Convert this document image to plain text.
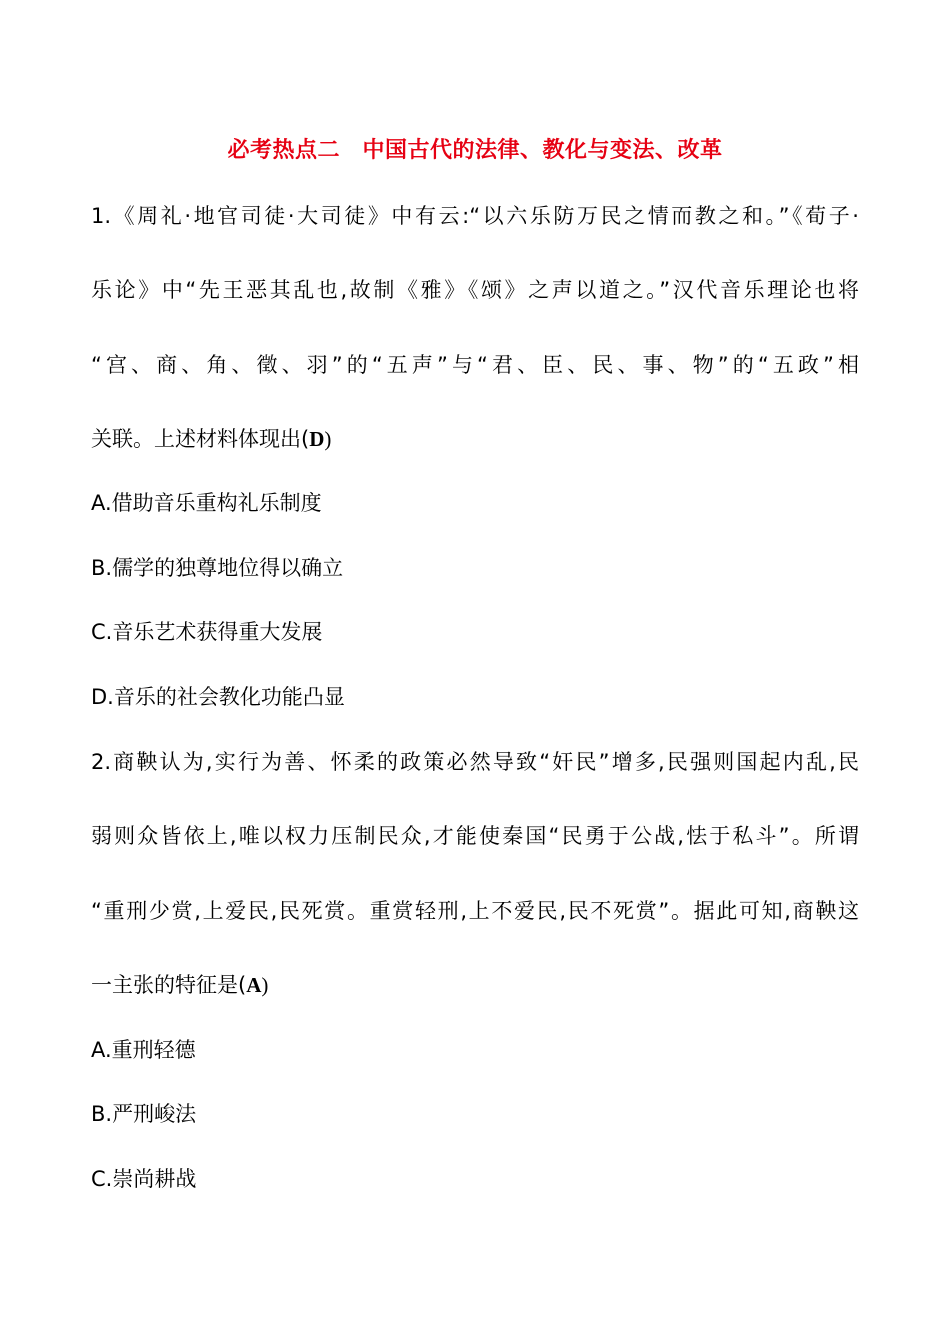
必考热点二　中国古代的法律、教化与变法、改革
1.《周礼·地官司徒·大司徒》中有云:“以六乐防万民之情而教之和。”《荀子·
乐论》中“先王恶其乱也,故制《雅》《颂》之声以道之。”汉代音乐理论也将
“宫、商、角、徵、羽”的“五声”与“君、臣、民、事、物”的“五政”相
关联。上述材料体现出(D)
A.借助音乐重构礼乐制度
B.儒学的独尊地位得以确立
C.音乐艺术获得重大发展
D.音乐的社会教化功能凸显
2.商鞅认为,实行为善、怀柔的政策必然导致“奸民”增多,民强则国起内乱,民
弱则众皆依上,唯以权力压制民众,才能使秦国“民勇于公战,怯于私斗”。所谓
“重刑少赏,上爱民,民死赏。重赏轻刑,上不爱民,民不死赏”。据此可知,商鞅这
一主张的特征是(A)
A.重刑轻德
B.严刑峻法
C.崇尚耕战
